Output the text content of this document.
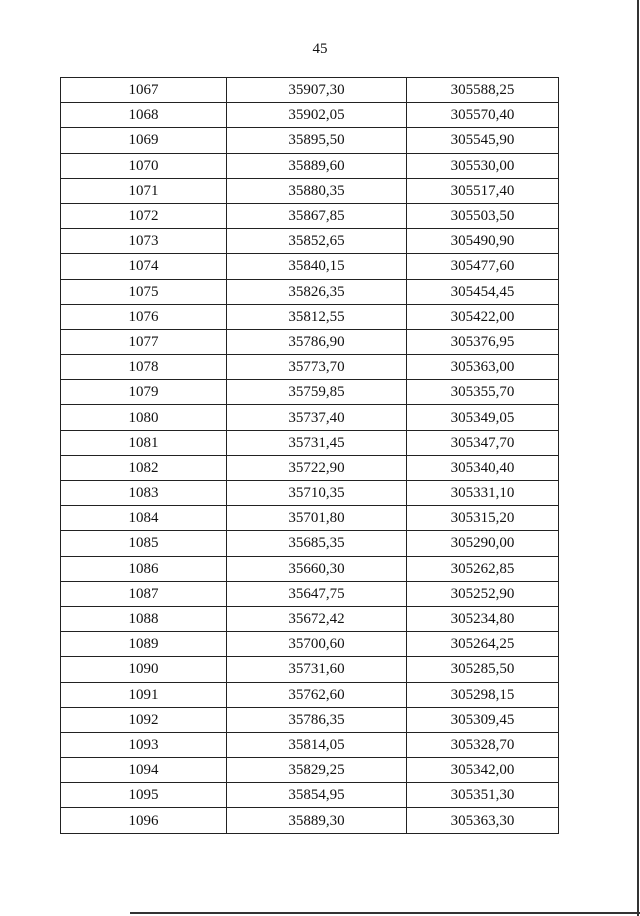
45
1067	35907,30	305588,25
1068	35902,05	305570,40
1069	35895,50	305545,90
1070	35889,60	305530,00
1071	35880,35	305517,40
1072	35867,85	305503,50
1073	35852,65	305490,90
1074	35840,15	305477,60
1075	35826,35	305454,45
1076	35812,55	305422,00
1077	35786,90	305376,95
1078	35773,70	305363,00
1079	35759,85	305355,70
1080	35737,40	305349,05
1081	35731,45	305347,70
1082	35722,90	305340,40
1083	35710,35	305331,10
1084	35701,80	305315,20
1085	35685,35	305290,00
1086	35660,30	305262,85
1087	35647,75	305252,90
1088	35672,42	305234,80
1089	35700,60	305264,25
1090	35731,60	305285,50
1091	35762,60	305298,15
1092	35786,35	305309,45
1093	35814,05	305328,70
1094	35829,25	305342,00
1095	35854,95	305351,30
1096	35889,30	305363,30
